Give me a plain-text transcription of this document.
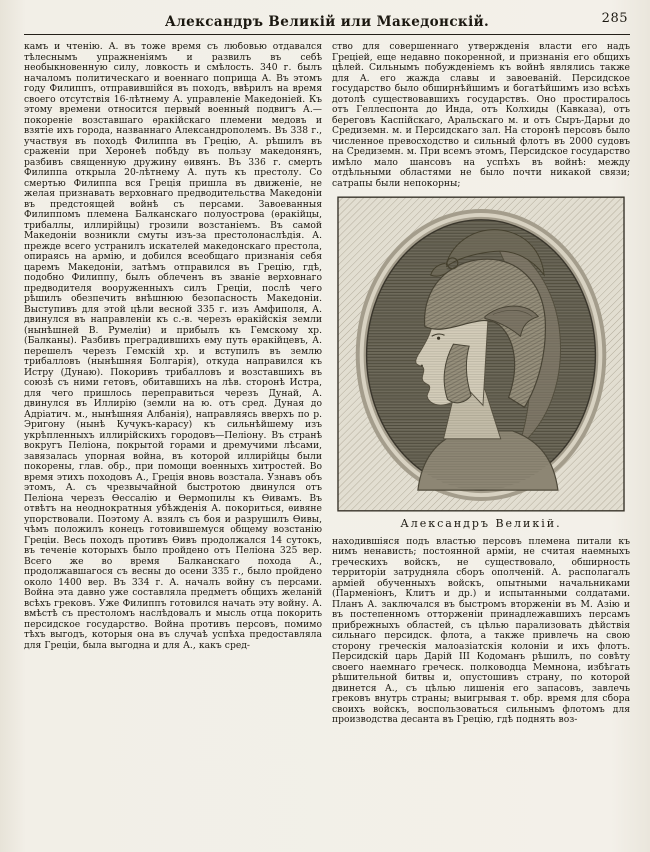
Александръ Великій или Македонскій.	285
камъ и чтенію. А. въ тоже время съ любовью отдавался тѣлеснымъ упражненіямъ и развилъ въ себѣ необыкновенную силу, ловкость и смѣлость. 340 г. былъ началомъ политическаго и военнаго поприща А. Въ этомъ году Филиппъ, отправившійся въ походъ, ввѣрилъ на время своего отсутствія 16-лѣтнему А. управленіе Македоніей. Къ этому времени относится первый военный подвигъ А.—покореніе возставшаго ѳракійскаго племени медовъ и взятіе ихъ города, названнаго Александрополемъ. Въ 338 г., участвуя въ походѣ Филиппа въ Грецію, А. рѣшилъ въ сраженіи при Херонеѣ побѣду въ пользу македонянъ, разбивъ священную дружину ѳивянъ. Въ 336 г. смерть Филиппа открыла 20-лѣтнему А. путь къ престолу. Со смертью Филиппа вся Греція пришла въ движеніе, не желая признавать верховнаго предводительства Македоніи въ предстоящей войнѣ съ персами. Завоеванныя Филиппомъ племена Балканскаго полуострова (ѳракійцы, трибаллы, иллирійцы) грозили возстаніемъ. Въ самой Македоніи возникли смуты изъ-за престолонаслѣдія. А. прежде всего устранилъ искателей македонскаго престола, опираясь на армію, и добился всеобщаго признанія себя царемъ Македоніи, затѣмъ отправился въ Грецію, гдѣ, подобно Филиппу, былъ облеченъ въ званіе верховнаго предводителя вооруженныхъ силъ Греціи, послѣ чего рѣшилъ обезпечить внѣшнюю безопасность Македоніи. Выступивъ для этой цѣли весной 335 г. изъ Амфиполя, А. двинулся въ направленіи къ с.-в. черезъ ѳракійскія земли (нынѣшней В. Румеліи) и прибылъ къ Гемскому хр. (Балканы). Разбивъ преградившихъ ему путь ѳракійцевъ, А. перешелъ черезъ Гемскій хр. и вступилъ въ землю трибалловъ (нынѣшняя Болгарія), откуда направился къ Истру (Дунаю). Покоривъ трибалловъ и возставшихъ въ союзѣ съ ними гетовъ, обитавшихъ на лѣв. сторонѣ Истра, для чего пришлось переправиться черезъ Дунай, А. двинулся въ Иллирію (земли на ю. отъ сред. Дуная до Адріатич. м., нынѣшняя Албанія), направляясь вверхъ по р. Эригону (нынѣ Кучукъ-карасу) къ сильнѣйшему изъ укрѣпленныхъ иллирійскихъ городовъ—Пеліону. Въ странѣ вокругъ Пеліона, покрытой горами и дремучими лѣсами, завязалась упорная война, въ которой иллирійцы были покорены, глав. обр., при помощи военныхъ хитростей. Во время этихъ походовъ А., Греція вновь возстала. Узнавъ объ этомъ, А. съ чрезвычайной быстротою двинулся отъ Пеліона черезъ Ѳессалію и Ѳермопилы къ Ѳивамъ. Въ отвѣтъ на неоднократныя убѣжденія А. покориться, ѳивяне упорствовали. Поэтому А. взялъ съ боя и разрушилъ Ѳивы, чѣмъ положилъ конецъ готовившемуся общему возстанію Греціи. Весь походъ противъ Ѳивъ продолжался 14 сутокъ, въ теченіе которыхъ было пройдено отъ Пеліона 325 вер. Всего же во время Балканскаго похода А., продолжавшагося съ весны до осени 335 г., было пройдено около 1400 вер. Въ 334 г. А. началъ войну съ персами. Война эта давно уже составляла предметъ общихъ желаній всѣхъ грековъ. Уже Филиппъ готовился начать эту войну. А. вмѣстѣ съ престоломъ наслѣдовалъ и мысль отца покорить персидское государство. Война противъ персовъ, помимо тѣхъ выгодъ, которыя она въ случаѣ успѣха предоставляла для Греціи, была выгодна и для А., какъ сред-
ство для совершеннаго утвержденія власти его надъ Греціей, еще недавно покоренной, и признанія его общихъ цѣлей. Сильнымъ побужденіемъ къ войнѣ являлись также для А. его жажда славы и завоеваній. Персидское государство было обширнѣйшимъ и богатѣйшимъ изо всѣхъ дотолѣ существовавшихъ государствъ. Оно простиралось отъ Геллеспонта до Инда, отъ Колхиды (Кавказа), отъ береговъ Каспійскаго, Аральскаго м. и отъ Сыръ-Дарьи до Средиземн. м. и Персидскаго зал. На сторонѣ персовъ было численное превосходство и сильный флотъ въ 2000 судовъ на Средиземн. м. При всемъ этомъ, Персидское государство имѣло мало шансовъ на успѣхъ въ войнѣ: между отдѣльными областями не было почти никакой связи; сатрапы были непокорны;
Александръ Великій.
находившіяся подъ властью персовъ племена питали къ нимъ ненависть; постоянной арміи, не считая наемныхъ греческихъ войскъ, не существовало, обширность территоріи затрудняла сборъ ополченій. А. располагалъ арміей обученныхъ войскъ, опытными начальниками (Парменіонъ, Клитъ и др.) и испытанными солдатами. Планъ А. заключался въ быстромъ вторженіи въ М. Азію и въ постепенномъ отторженіи принадлежавшихъ персамъ прибрежныхъ областей, съ цѣлью парализовать дѣйствія сильнаго персидск. флота, а также привлечь на свою сторону греческія малоазіатскія колоніи и ихъ флотъ. Персидскій царь Дарій III Кодоманъ рѣшилъ, по совѣту своего наемнаго греческ. полководца Мемнона, избѣгать рѣшительной битвы и, опустошивъ страну, по которой двинется А., съ цѣлью лишенія его запасовъ, завлечь грековъ внутрь страны; выигрывая т. обр. время для сбора своихъ войскъ, воспользоваться сильнымъ флотомъ для производства десанта въ Грецію, гдѣ поднять воз-
